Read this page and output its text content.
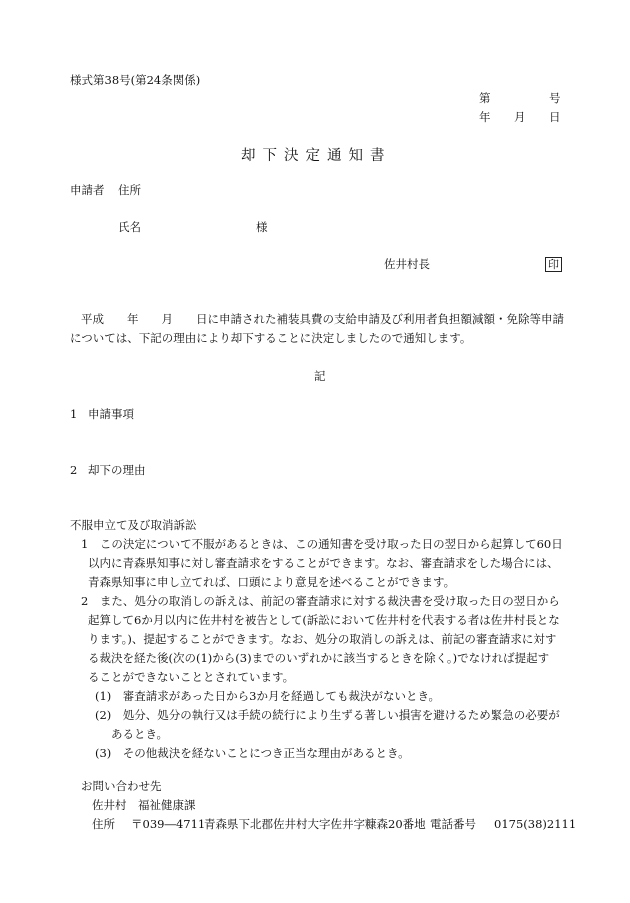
様式第38号(第24条関係)
第	号
年 月 日
却下決定通知書
申請者 住所
氏名	様
佐井村長	印
平成　　年　　月　　日に申請された補装具費の支給申請及び利用者負担額減額・免除等申請
については、下記の理由により却下することに決定しましたので通知します。
記
1 申請事項
2 却下の理由
不服申立て及び取消訴訟
1　この決定について不服があるときは、この通知書を受け取った日の翌日から起算して60日
以内に青森県知事に対し審査請求をすることができます。なお、審査請求をした場合には、
青森県知事に申し立てれば、口頭により意見を述べることができます。
2　また、処分の取消しの訴えは、前記の審査請求に対する裁決書を受け取った日の翌日から
起算して6か月以内に佐井村を被告として(訴訟において佐井村を代表する者は佐井村長とな
ります。)、提起することができます。なお、処分の取消しの訴えは、前記の審査請求に対す
る裁決を経た後(次の(1)から(3)までのいずれかに該当するときを除く。)でなければ提起す
ることができないこととされています。
(1)　審査請求があった日から3か月を経過しても裁決がないとき。
(2)　処分、処分の執行又は手続の続行により生ずる著しい損害を避けるため緊急の必要が
あるとき。
(3)　その他裁決を経ないことにつき正当な理由があるとき。
お問い合わせ先
佐井村　福祉健康課
住所 〒039―4711
青森県下北郡佐井村大字佐井字糠森20番地 電話番号 0175(38)2111
